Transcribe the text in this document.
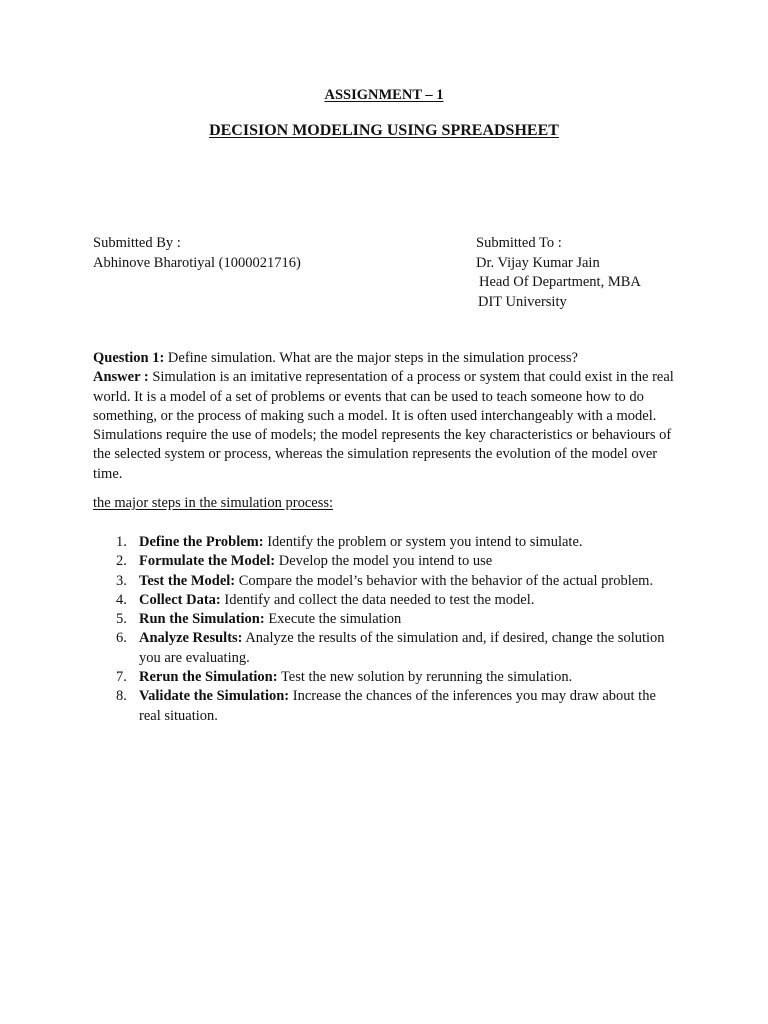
ASSIGNMENT – 1
DECISION MODELING USING SPREADSHEET
Submitted By :
Abhinove Bharotiyal (1000021716)
Submitted To :
Dr. Vijay Kumar Jain
Head Of Department, MBA
DIT University

Question 1: Define simulation. What are the major steps in the simulation process?

Answer : Simulation is an imitative representation of a process or system that could exist in the real world. It is a model of a set of problems or events that can be used to teach someone how to do something, or the process of making such a model. It is often used interchangeably with a model. Simulations require the use of models; the model represents the key characteristics or behaviours of the selected system or process, whereas the simulation represents the evolution of the model over time.

the major steps in the simulation process:
1. Define the Problem: Identify the problem or system you intend to simulate.
2. Formulate the Model: Develop the model you intend to use
3. Test the Model: Compare the model’s behavior with the behavior of the actual problem.
4. Collect Data: Identify and collect the data needed to test the model.
5. Run the Simulation: Execute the simulation
6. Analyze Results: Analyze the results of the simulation and, if desired, change the solution you are evaluating.
7. Rerun the Simulation: Test the new solution by rerunning the simulation.
8. Validate the Simulation: Increase the chances of the inferences you may draw about the real situation.
